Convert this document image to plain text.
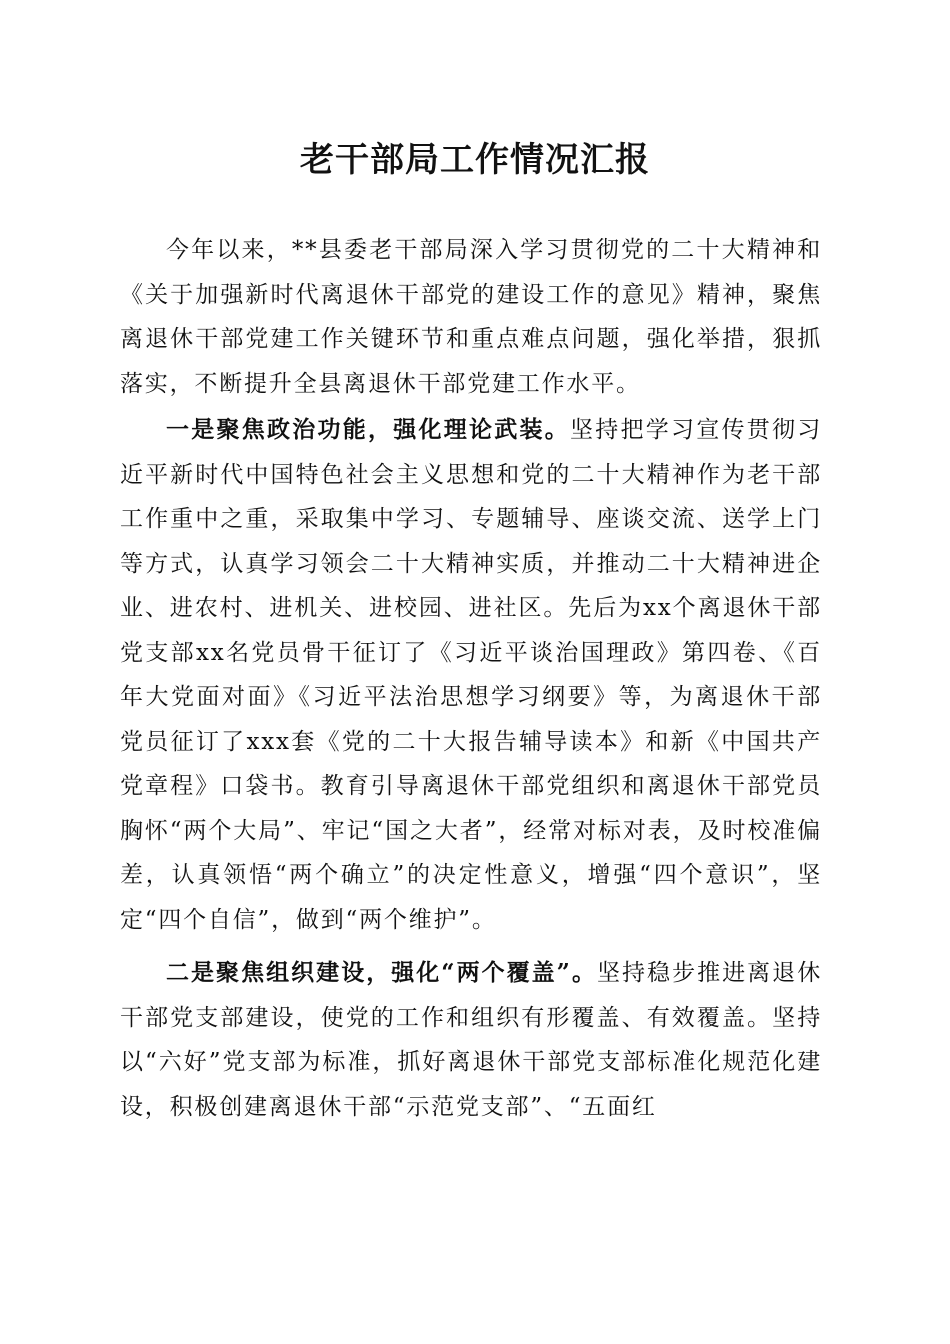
老干部局工作情况汇报

今年以来，**县委老干部局深入学习贯彻党的二十大精神和《关于加强新时代离退休干部党的建设工作的意见》精神，聚焦离退休干部党建工作关键环节和重点难点问题，强化举措，狠抓落实，不断提升全县离退休干部党建工作水平。

一是聚焦政治功能，强化理论武装。坚持把学习宣传贯彻习近平新时代中国特色社会主义思想和党的二十大精神作为老干部工作重中之重，采取集中学习、专题辅导、座谈交流、送学上门等方式，认真学习领会二十大精神实质，并推动二十大精神进企业、进农村、进机关、进校园、进社区。先后为xx个离退休干部党支部xx名党员骨干征订了《习近平谈治国理政》第四卷、《百年大党面对面》《习近平法治思想学习纲要》等，为离退休干部党员征订了xxx套《党的二十大报告辅导读本》和新《中国共产党章程》口袋书。教育引导离退休干部党组织和离退休干部党员胸怀“两个大局”、牢记“国之大者”，经常对标对表，及时校准偏差，认真领悟“两个确立”的决定性意义，增强“四个意识”，坚定“四个自信”，做到“两个维护”。

二是聚焦组织建设，强化“两个覆盖”。坚持稳步推进离退休干部党支部建设，使党的工作和组织有形覆盖、有效覆盖。坚持以“六好”党支部为标准，抓好离退休干部党支部标准化规范化建设，积极创建离退休干部“示范党支部”、“五面红
